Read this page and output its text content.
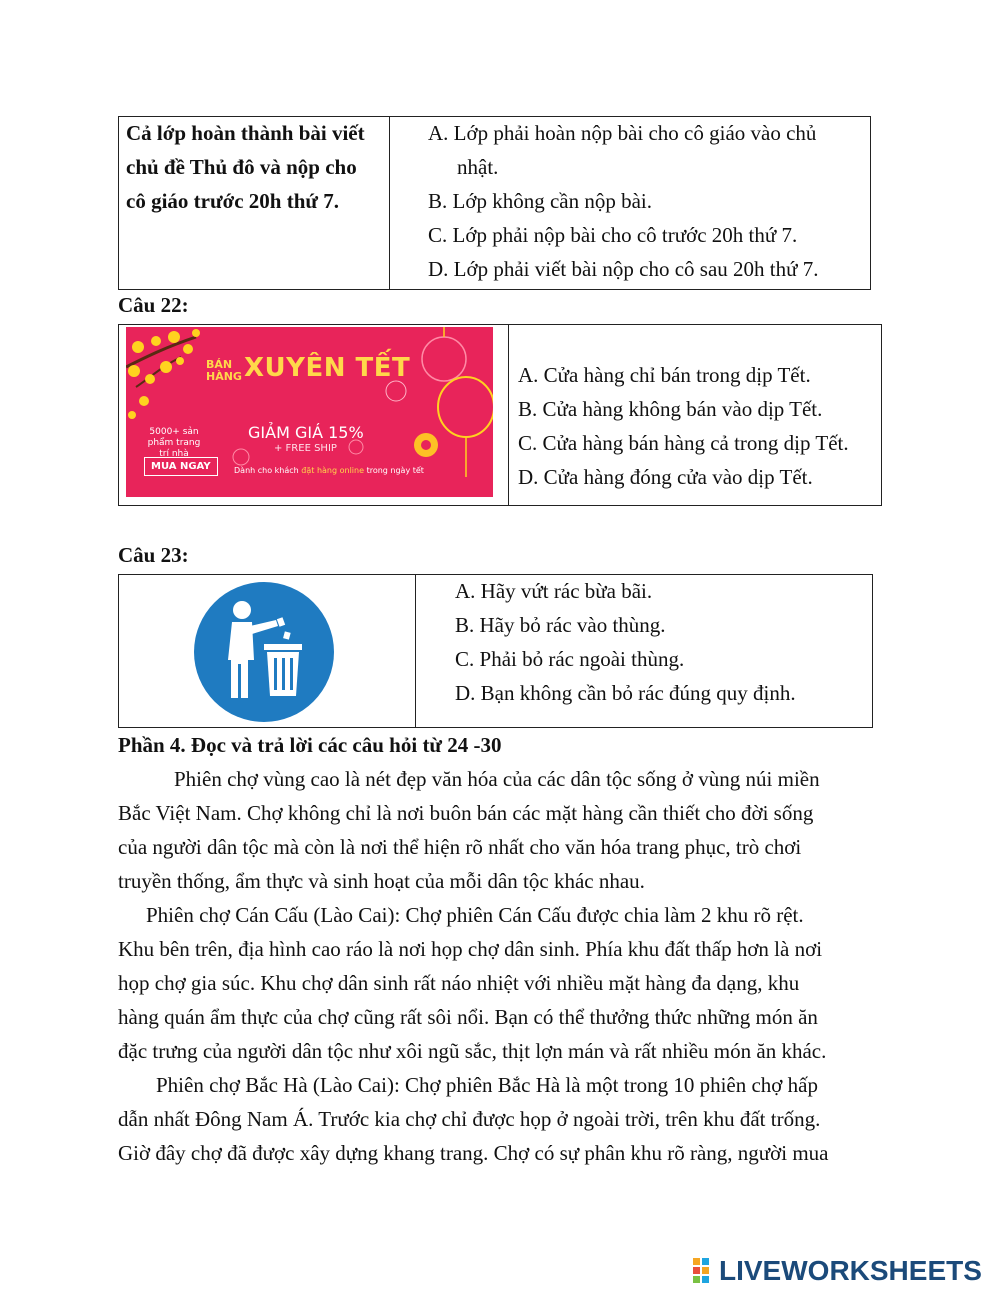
Cả lớp hoàn thành bài viết
chủ đề Thủ đô và nộp cho
cô giáo trước 20h thứ 7.
A. Lớp phải hoàn nộp bài cho cô giáo vào chủ
nhật.
B. Lớp không cần nộp bài.
C. Lớp phải nộp bài cho cô trước 20h thứ 7.
D. Lớp phải viết bài nộp cho cô sau 20h thứ 7.
Câu 22:
BÁN
HÀNG XUYÊN TẾT
GIẢM GIÁ 15%
+ FREE SHIP
5000+ sản phẩm trang trí nhà
MUA NGAY	Dành cho khách đặt hàng online trong ngày tết
A. Cửa hàng chỉ bán trong dịp Tết.
B. Cửa hàng không bán vào dịp Tết.
C. Cửa hàng bán hàng cả trong dịp Tết.
D. Cửa hàng đóng cửa vào dịp Tết.
Câu 23:
A. Hãy vứt rác bừa bãi.
B. Hãy bỏ rác vào thùng.
C. Phải bỏ rác ngoài thùng.
D. Bạn không cần bỏ rác đúng quy định.
Phần 4. Đọc và trả lời các câu hỏi từ 24 -30
Phiên chợ vùng cao là nét đẹp văn hóa của các dân tộc sống ở vùng núi miền
Bắc Việt Nam. Chợ không chỉ là nơi buôn bán các mặt hàng cần thiết cho đời sống
của người dân tộc mà còn là nơi thể hiện rõ nhất cho văn hóa trang phục, trò chơi
truyền thống, ẩm thực và sinh hoạt của mỗi dân tộc khác nhau.
Phiên chợ Cán Cấu (Lào Cai): Chợ phiên Cán Cấu được chia làm 2 khu rõ rệt.
Khu bên trên, địa hình cao ráo là nơi họp chợ dân sinh. Phía khu đất thấp hơn là nơi
họp chợ gia súc. Khu chợ dân sinh rất náo nhiệt với nhiều mặt hàng đa dạng, khu
hàng quán ẩm thực của chợ cũng rất sôi nổi. Bạn có thể thưởng thức những món ăn
đặc trưng của người dân tộc như xôi ngũ sắc, thịt lợn mán và rất nhiều món ăn khác.
Phiên chợ Bắc Hà (Lào Cai): Chợ phiên Bắc Hà là một trong 10 phiên chợ hấp
dẫn nhất Đông Nam Á. Trước kia chợ chỉ được họp ở ngoài trời, trên khu đất trống.
Giờ đây chợ đã được xây dựng khang trang. Chợ có sự phân khu rõ ràng, người mua
LIVEWORKSHEETS
